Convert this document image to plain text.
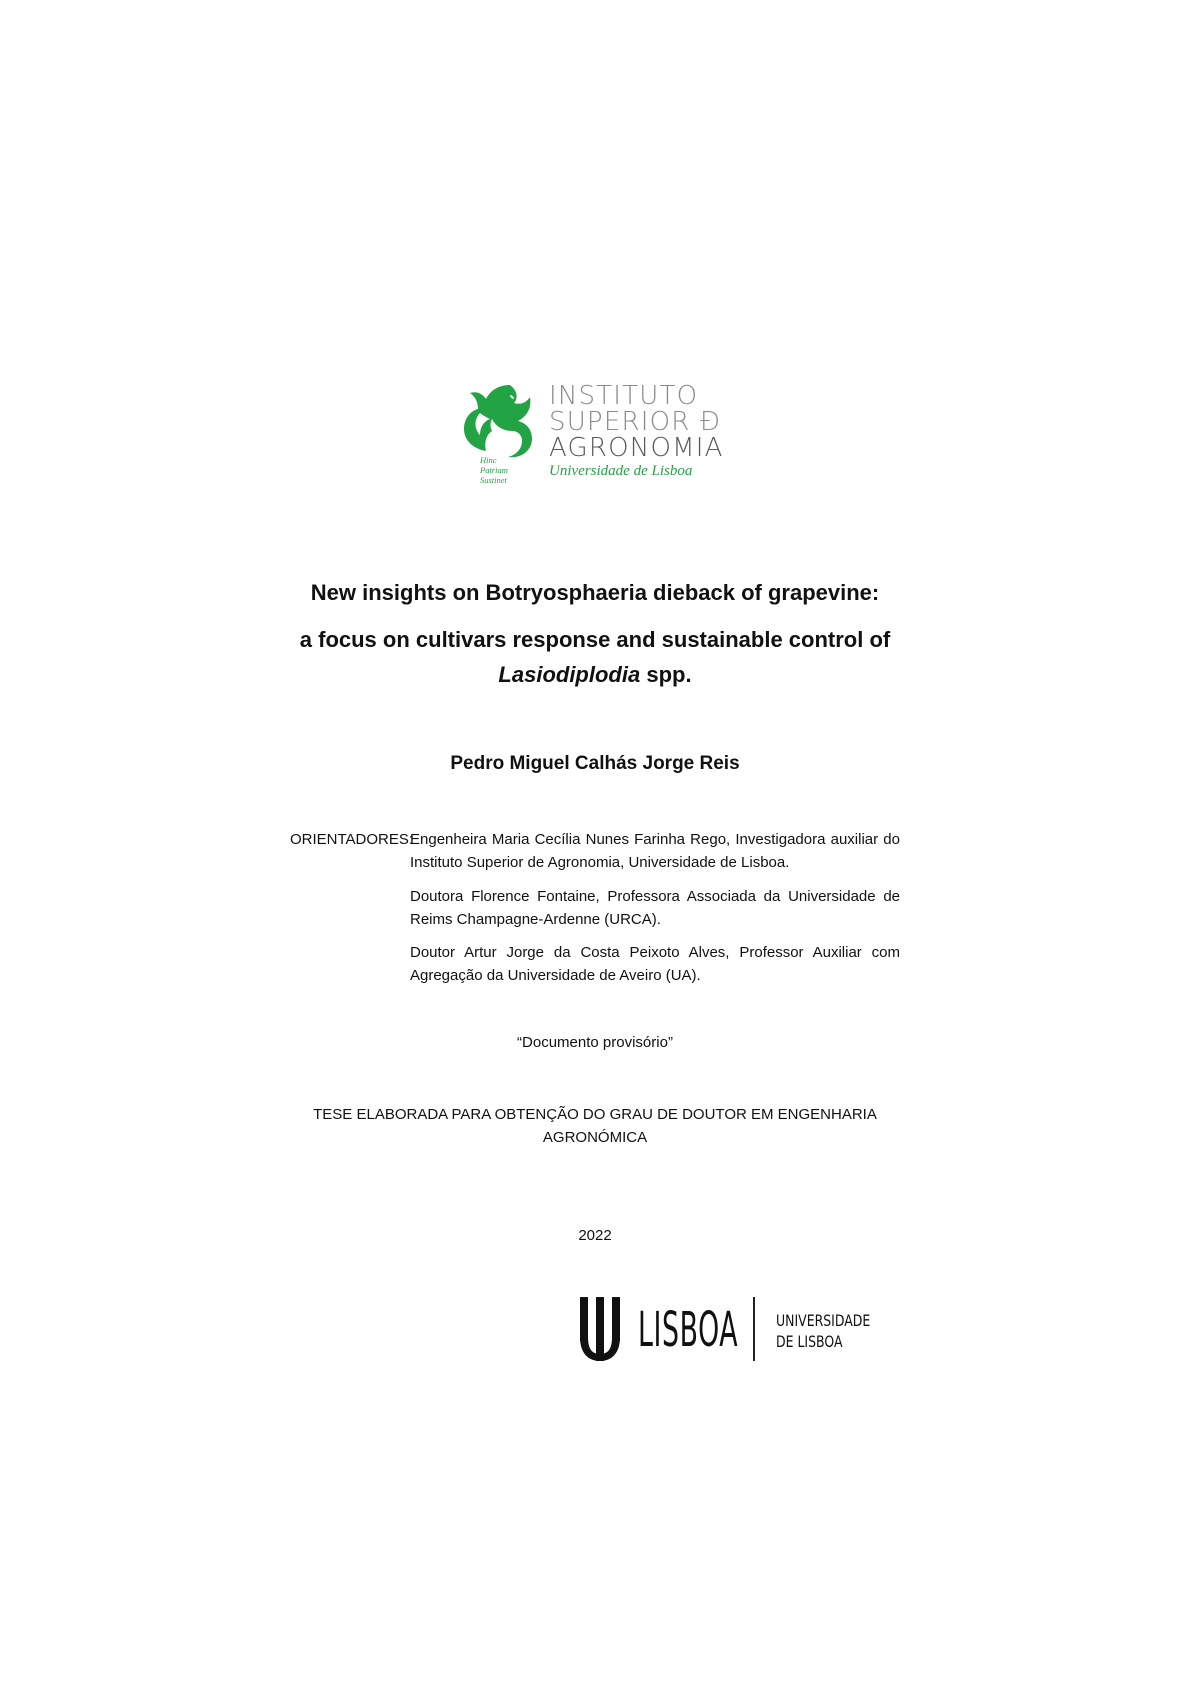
Hinc
Patriam
Sustinet
INSTITUTO
SUPERIOR Ð
AGRONOMIA
Universidade de Lisboa
New insights on Botryosphaeria dieback of grapevine:
a focus on cultivars response and sustainable control of
Lasiodiplodia spp.
Pedro Miguel Calhás Jorge Reis
ORIENTADORES:
Engenheira Maria Cecília Nunes Farinha Rego, Investigadora auxiliar do Instituto Superior de Agronomia, Universidade de Lisboa.
Doutora Florence Fontaine, Professora Associada da Universidade de Reims Champagne-Ardenne (URCA).
Doutor Artur Jorge da Costa Peixoto Alves, Professor Auxiliar com Agregação da Universidade de Aveiro (UA).
“Documento provisório”
TESE ELABORADA PARA OBTENÇÃO DO GRAU DE DOUTOR EM ENGENHARIA AGRONÓMICA
2022
LISBOA UNIVERSIDADE
DE LISBOA
